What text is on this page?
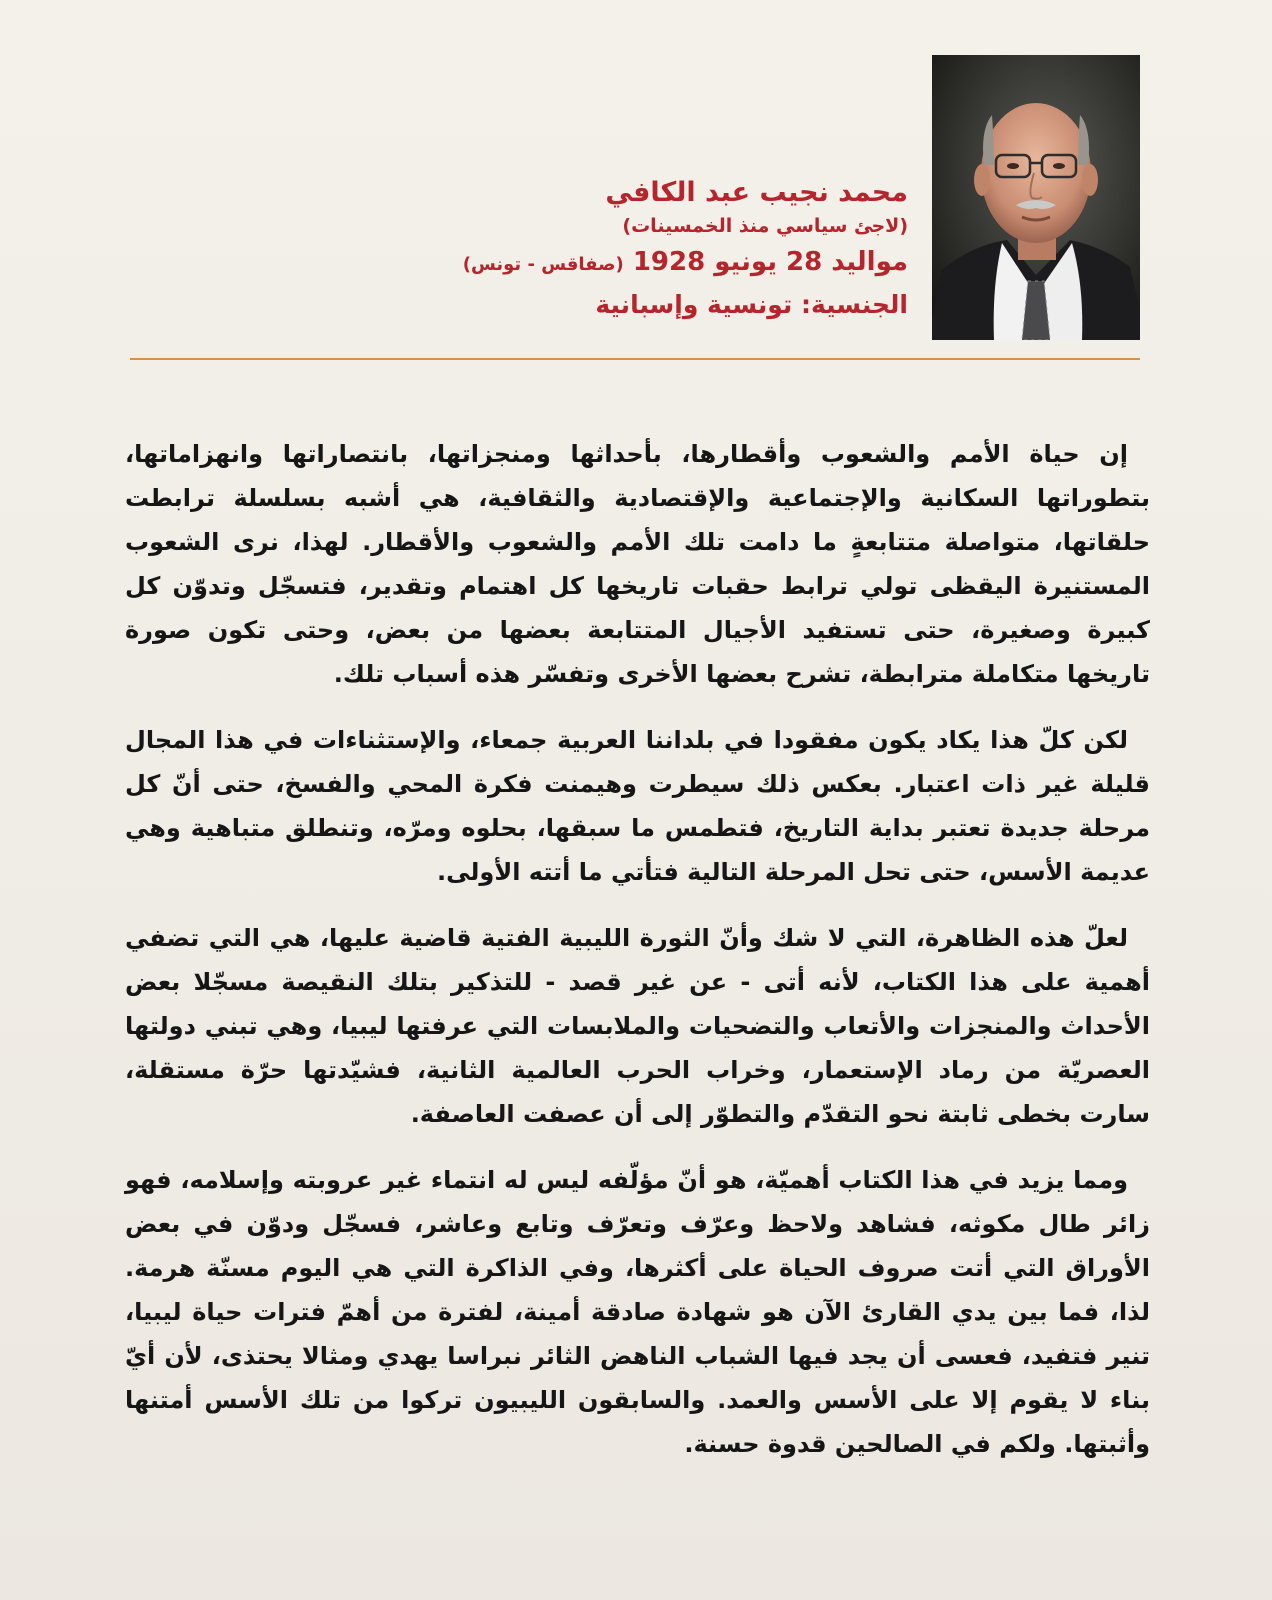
محمد نجيب عبد الكافي
(لاجئ سياسي منذ الخمسينات)
مواليد 28 يونيو 1928 (صفاقس - تونس)
الجنسية: تونسية وإسبانية

إن حياة الأمم والشعوب وأقطارها، بأحداثها ومنجزاتها، بانتصاراتها وانهزاماتها، بتطوراتها السكانية والإجتماعية والإقتصادية والثقافية، هي أشبه بسلسلة ترابطت حلقاتها، متواصلة متتابعةٍ ما دامت تلك الأمم والشعوب والأقطار. لهذا، نرى الشعوب المستنيرة اليقظى تولي ترابط حقبات تاريخها كل اهتمام وتقدير، فتسجّل وتدوّن كل كبيرة وصغيرة، حتى تستفيد الأجيال المتتابعة بعضها من بعض، وحتى تكون صورة تاريخها متكاملة مترابطة، تشرح بعضها الأخرى وتفسّر هذه أسباب تلك.

لكن كلّ هذا يكاد يكون مفقودا في بلداننا العربية جمعاء، والإستثناءات في هذا المجال قليلة غير ذات اعتبار. بعكس ذلك سيطرت وهيمنت فكرة المحي والفسخ، حتى أنّ كل مرحلة جديدة تعتبر بداية التاريخ، فتطمس ما سبقها، بحلوه ومرّه، وتنطلق متباهية وهي عديمة الأسس، حتى تحل المرحلة التالية فتأتي ما أتته الأولى.

لعلّ هذه الظاهرة، التي لا شك وأنّ الثورة الليبية الفتية قاضية عليها، هي التي تضفي أهمية على هذا الكتاب، لأنه أتى - عن غير قصد - للتذكير بتلك النقيصة مسجّلا بعض الأحداث والمنجزات والأتعاب والتضحيات والملابسات التي عرفتها ليبيا، وهي تبني دولتها العصريّة من رماد الإستعمار، وخراب الحرب العالمية الثانية، فشيّدتها حرّة مستقلة، سارت بخطى ثابتة نحو التقدّم والتطوّر إلى أن عصفت العاصفة.

ومما يزيد في هذا الكتاب أهميّة، هو أنّ مؤلّفه ليس له انتماء غير عروبته وإسلامه، فهو زائر طال مكوثه، فشاهد ولاحظ وعرّف وتعرّف وتابع وعاشر، فسجّل ودوّن في بعض الأوراق التي أتت صروف الحياة على أكثرها، وفي الذاكرة التي هي اليوم مسنّة هرمة. لذا، فما بين يدي القارئ الآن هو شهادة صادقة أمينة، لفترة من أهمّ فترات حياة ليبيا، تنير فتفيد، فعسى أن يجد فيها الشباب الناهض الثائر نبراسا يهدي ومثالا يحتذى، لأن أيّ بناء لا يقوم إلا على الأسس والعمد. والسابقون الليبيون تركوا من تلك الأسس أمتنها وأثبتها. ولكم في الصالحين قدوة حسنة.
